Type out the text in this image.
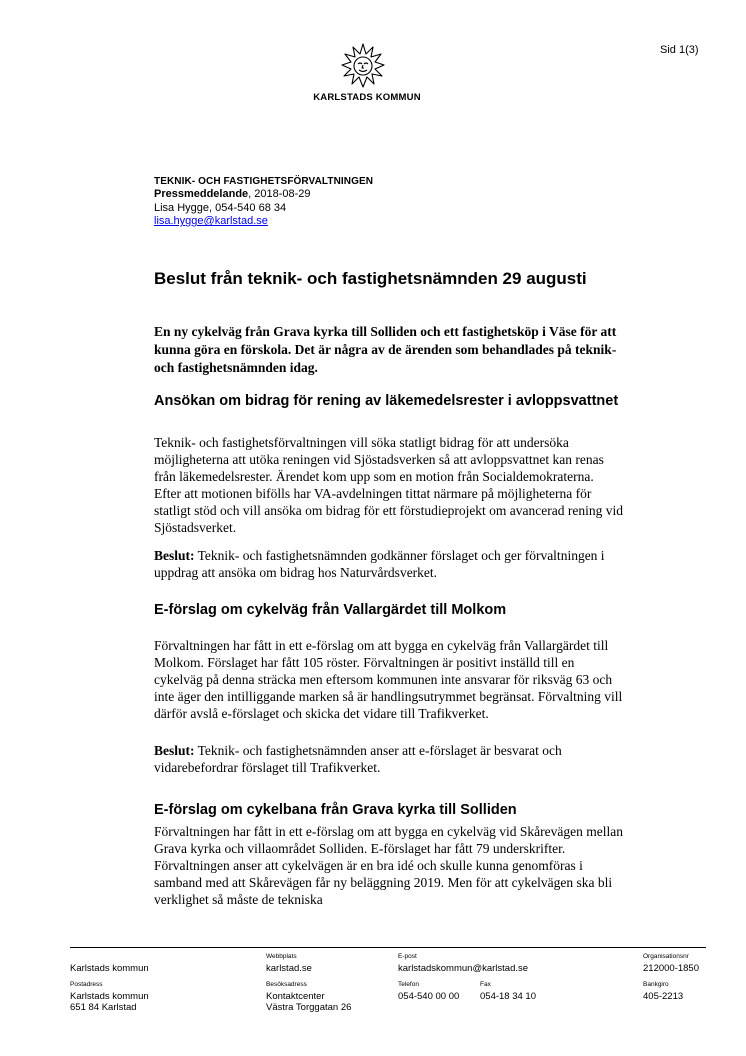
Sid 1(3)
KARLSTADS KOMMUN
TEKNIK- OCH FASTIGHETSFÖRVALTNINGEN
Pressmeddelande, 2018-08-29
Lisa Hygge, 054-540 68 34
lisa.hygge@karlstad.se
Beslut från teknik- och fastighetsnämnden 29 augusti
En ny cykelväg från Grava kyrka till Solliden och ett fastighetsköp i Väse för att kunna göra en förskola. Det är några av de ärenden som behandlades på teknik- och fastighetsnämnden idag.
Ansökan om bidrag för rening av läkemedelsrester i avloppsvattnet

Teknik- och fastighetsförvaltningen vill söka statligt bidrag för att undersöka möjligheterna att utöka reningen vid Sjöstadsverken så att avloppsvattnet kan renas från läkemedelsrester. Ärendet kom upp som en motion från Socialdemokraterna. Efter att motionen bifölls har VA-avdelningen tittat närmare på möjligheterna för statligt stöd och vill ansöka om bidrag för ett förstudieprojekt om avancerad rening vid Sjöstadsverket.

Beslut: Teknik- och fastighetsnämnden godkänner förslaget och ger förvaltningen i uppdrag att ansöka om bidrag hos Naturvårdsverket.

E-förslag om cykelväg från Vallargärdet till Molkom

Förvaltningen har fått in ett e-förslag om att bygga en cykelväg från Vallargärdet till Molkom. Förslaget har fått 105 röster. Förvaltningen är positivt inställd till en cykelväg på denna sträcka men eftersom kommunen inte ansvarar för riksväg 63 och inte äger den intilliggande marken så är handlingsutrymmet begränsat. Förvaltning vill därför avslå e-förslaget och skicka det vidare till Trafikverket.

Beslut: Teknik- och fastighetsnämnden anser att e-förslaget är besvarat och vidarebefordrar förslaget till Trafikverket.

E-förslag om cykelbana från Grava kyrka till Solliden

Förvaltningen har fått in ett e-förslag om att bygga en cykelväg vid Skårevägen mellan Grava kyrka och villaområdet Solliden. E-förslaget har fått 79 underskrifter. Förvaltningen anser att cykelvägen är en bra idé och skulle kunna genomföras i samband med att Skårevägen får ny beläggning 2019. Men för att cykelvägen ska bli verklighet så måste de tekniska

Karlstads kommun
Webbplats
karlstad.se
E-post
karlstadskommun@karlstad.se
Organisationsnr
212000-1850
Postadress
Karlstads kommun
651 84 Karlstad
Besöksadress
Kontaktcenter
Västra Torggatan 26
Telefon
054-540 00 00
Fax
054-18 34 10
Bankgiro
405-2213
